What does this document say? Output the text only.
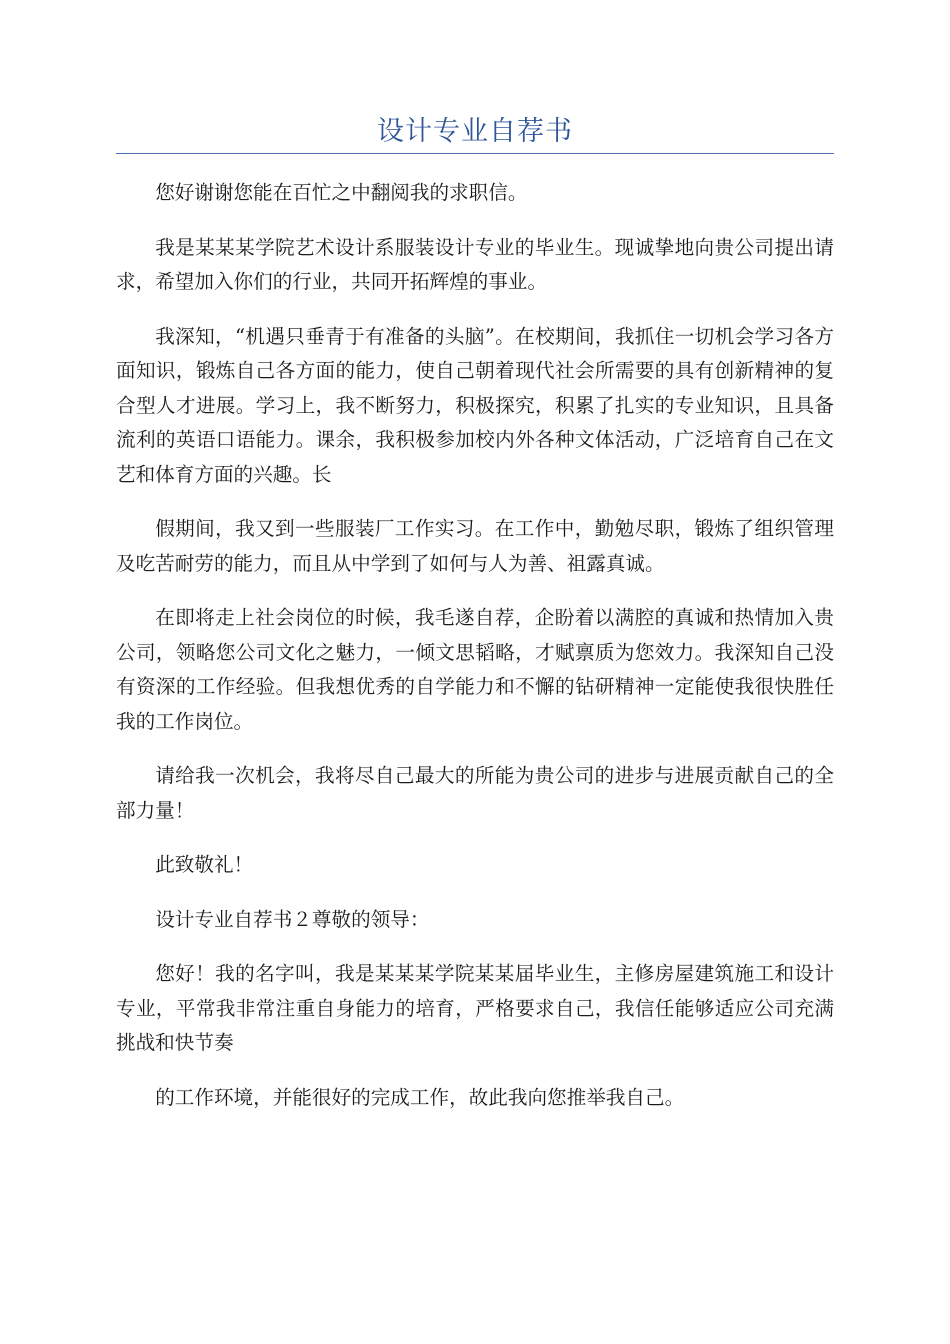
设计专业自荐书

您好谢谢您能在百忙之中翻阅我的求职信。

我是某某某学院艺术设计系服装设计专业的毕业生。现诚挚地向贵公司提出请求，希望加入你们的行业，共同开拓辉煌的事业。

我深知，“机遇只垂青于有准备的头脑”。在校期间，我抓住一切机会学习各方面知识，锻炼自己各方面的能力，使自己朝着现代社会所需要的具有创新精神的复合型人才进展。学习上，我不断努力，积极探究，积累了扎实的专业知识，且具备流利的英语口语能力。课余，我积极参加校内外各种文体活动，广泛培育自己在文艺和体育方面的兴趣。长

假期间，我又到一些服装厂工作实习。在工作中，勤勉尽职，锻炼了组织管理及吃苦耐劳的能力，而且从中学到了如何与人为善、祖露真诚。

在即将走上社会岗位的时候，我毛遂自荐，企盼着以满腔的真诚和热情加入贵公司，领略您公司文化之魅力，一倾文思韬略，才赋禀质为您效力。我深知自己没有资深的工作经验。但我想优秀的自学能力和不懈的钻研精神一定能使我很快胜任我的工作岗位。

请给我一次机会，我将尽自己最大的所能为贵公司的进步与进展贡献自己的全部力量！

此致敬礼！

设计专业自荐书２尊敬的领导：

您好！我的名字叫，我是某某某学院某某届毕业生，主修房屋建筑施工和设计专业，平常我非常注重自身能力的培育，严格要求自己，我信任能够适应公司充满挑战和快节奏

的工作环境，并能很好的完成工作，故此我向您推举我自己。
